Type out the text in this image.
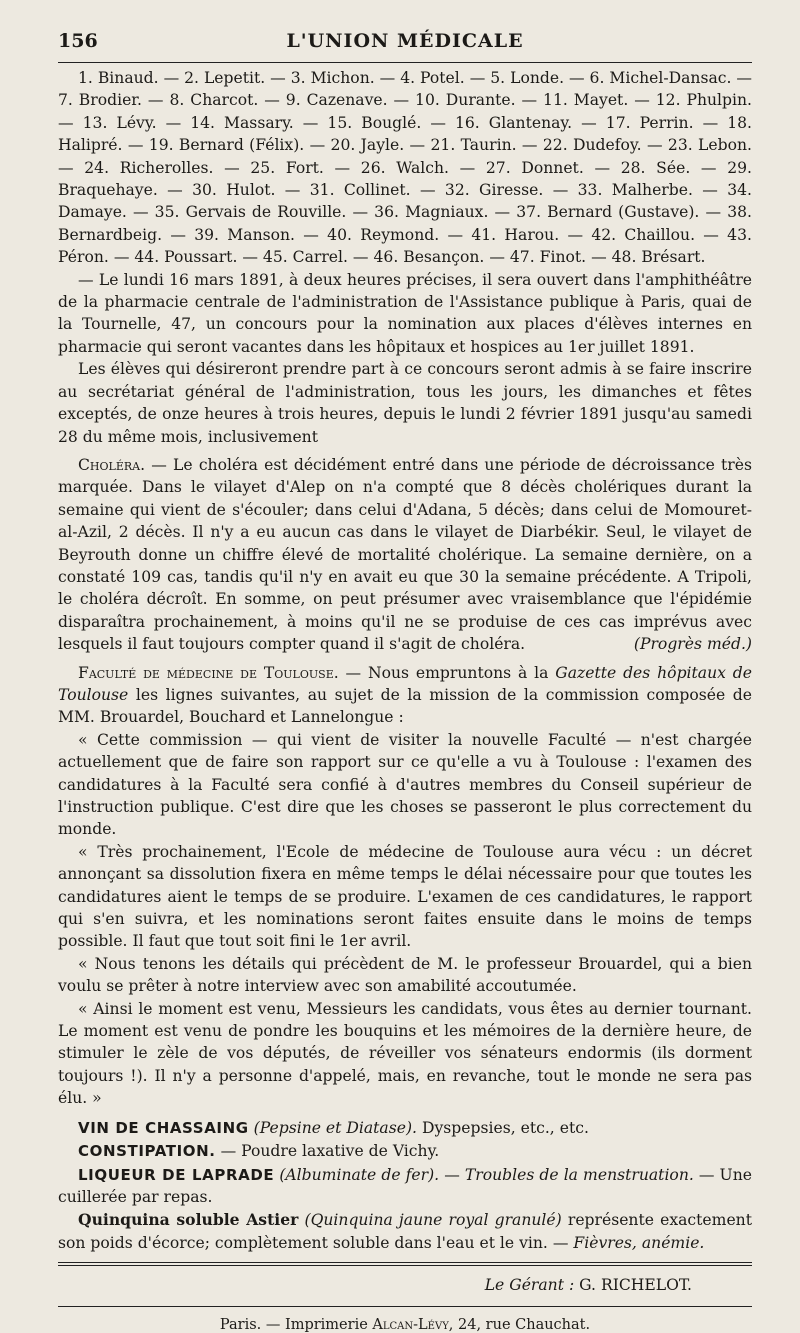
156	L'UNION MÉDICALE

1. Binaud. — 2. Lepetit. — 3. Michon. — 4. Potel. — 5. Londe. — 6. Michel-Dansac. — 7. Brodier. — 8. Charcot. — 9. Cazenave. — 10. Durante. — 11. Mayet. — 12. Phulpin. — 13. Lévy. — 14. Massary. — 15. Bouglé. — 16. Glantenay. — 17. Perrin. — 18. Halipré. — 19. Bernard (Félix). — 20. Jayle. — 21. Taurin. — 22. Dudefoy. — 23. Lebon. — 24. Richerolles. — 25. Fort. — 26. Walch. — 27. Donnet. — 28. Sée. — 29. Braquehaye. — 30. Hulot. — 31. Collinet. — 32. Giresse. — 33. Malherbe. — 34. Damaye. — 35. Gervais de Rouville. — 36. Magniaux. — 37. Bernard (Gustave). — 38. Bernardbeig. — 39. Manson. — 40. Reymond. — 41. Harou. — 42. Chaillou. — 43. Péron. — 44. Poussart. — 45. Carrel. — 46. Besançon. — 47. Finot. — 48. Brésart.

— Le lundi 16 mars 1891, à deux heures précises, il sera ouvert dans l'amphithéâtre de la pharmacie centrale de l'administration de l'Assistance publique à Paris, quai de la Tournelle, 47, un concours pour la nomination aux places d'élèves internes en pharmacie qui seront vacantes dans les hôpitaux et hospices au 1er juillet 1891.

Les élèves qui désireront prendre part à ce concours seront admis à se faire inscrire au secrétariat général de l'administration, tous les jours, les dimanches et fêtes exceptés, de onze heures à trois heures, depuis le lundi 2 février 1891 jusqu'au samedi 28 du même mois, inclusivement

Choléra. — Le choléra est décidément entré dans une période de décroissance très marquée. Dans le vilayet d'Alep on n'a compté que 8 décès cholériques durant la semaine qui vient de s'écouler; dans celui d'Adana, 5 décès; dans celui de Momouret-al-Azil, 2 décès. Il n'y a eu aucun cas dans le vilayet de Diarbékir. Seul, le vilayet de Beyrouth donne un chiffre élevé de mortalité cholérique. La semaine dernière, on a constaté 109 cas, tandis qu'il n'y en avait eu que 30 la semaine précédente. A Tripoli, le choléra décroît. En somme, on peut présumer avec vraisemblance que l'épidémie disparaîtra prochainement, à moins qu'il ne se produise de ces cas imprévus avec lesquels il faut toujours compter quand il s'agit de choléra.	(Progrès méd.)

Faculté de médecine de Toulouse. — Nous empruntons à la Gazette des hôpitaux de Toulouse les lignes suivantes, au sujet de la mission de la commission composée de MM. Brouardel, Bouchard et Lannelongue :

« Cette commission — qui vient de visiter la nouvelle Faculté — n'est chargée actuellement que de faire son rapport sur ce qu'elle a vu à Toulouse : l'examen des candidatures à la Faculté sera confié à d'autres membres du Conseil supérieur de l'instruction publique. C'est dire que les choses se passeront le plus correctement du monde.

« Très prochainement, l'Ecole de médecine de Toulouse aura vécu : un décret annonçant sa dissolution fixera en même temps le délai nécessaire pour que toutes les candidatures aient le temps de se produire. L'examen de ces candidatures, le rapport qui s'en suivra, et les nominations seront faites ensuite dans le moins de temps possible. Il faut que tout soit fini le 1er avril.

« Nous tenons les détails qui précèdent de M. le professeur Brouardel, qui a bien voulu se prêter à notre interview avec son amabilité accoutumée.

« Ainsi le moment est venu, Messieurs les candidats, vous êtes au dernier tournant. Le moment est venu de pondre les bouquins et les mémoires de la dernière heure, de stimuler le zèle de vos députés, de réveiller vos sénateurs endormis (ils dorment toujours !). Il n'y a personne d'appelé, mais, en revanche, tout le monde ne sera pas élu. »

VIN DE CHASSAING (Pepsine et Diatase). Dyspepsies, etc., etc.

CONSTIPATION. — Poudre laxative de Vichy.

LIQUEUR DE LAPRADE (Albuminate de fer). — Troubles de la menstruation. — Une cuillerée par repas.

Quinquina soluble Astier (Quinquina jaune royal granulé) représente exactement son poids d'écorce; complètement soluble dans l'eau et le vin. — Fièvres, anémie.

Le Gérant : G. RICHELOT.
Paris. — Imprimerie Alcan-Lévy, 24, rue Chauchat.
